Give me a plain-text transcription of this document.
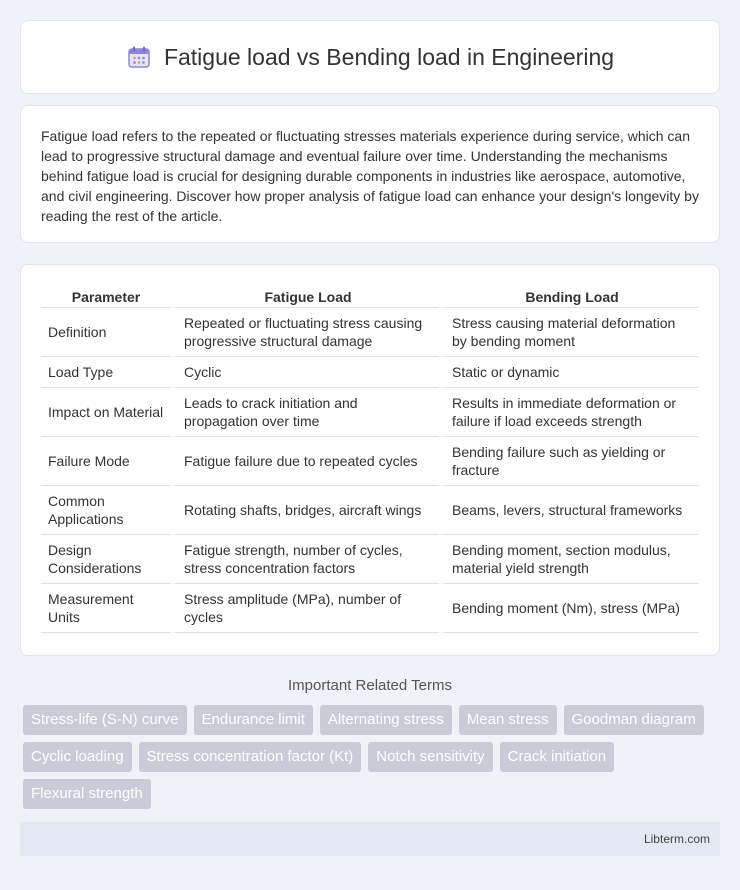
Fatigue load vs Bending load in Engineering

Fatigue load refers to the repeated or fluctuating stresses materials experience during service, which can lead to progressive structural damage and eventual failure over time. Understanding the mechanisms behind fatigue load is crucial for designing durable components in industries like aerospace, automotive, and civil engineering. Discover how proper analysis of fatigue load can enhance your design's longevity by reading the rest of the article.

Parameter	Fatigue Load	Bending Load
Definition	Repeated or fluctuating stress causing progressive structural damage	Stress causing material deformation by bending moment
Load Type	Cyclic	Static or dynamic
Impact on Material	Leads to crack initiation and propagation over time	Results in immediate deformation or failure if load exceeds strength
Failure Mode	Fatigue failure due to repeated cycles	Bending failure such as yielding or fracture
Common Applications	Rotating shafts, bridges, aircraft wings	Beams, levers, structural frameworks
Design Considerations	Fatigue strength, number of cycles, stress concentration factors	Bending moment, section modulus, material yield strength
Measurement Units	Stress amplitude (MPa), number of cycles	Bending moment (Nm), stress (MPa)
Important Related Terms
Stress-life (S-N) curve	Endurance limit	Alternating stress	Mean stress	Goodman diagram
Cyclic loading	Stress concentration factor (Kt)	Notch sensitivity	Crack initiation
Flexural strength
Libterm.com
